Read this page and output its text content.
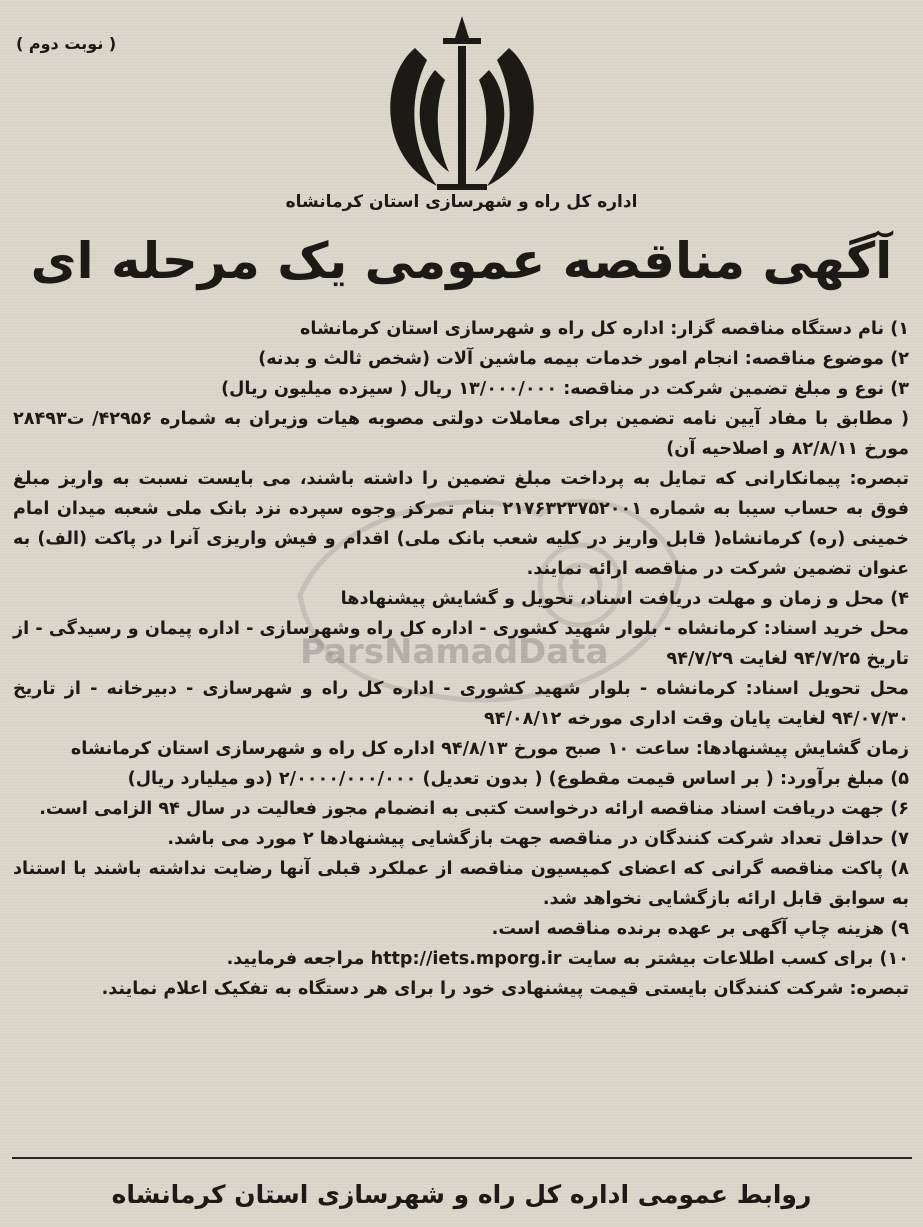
( نوبت دوم )
اداره کل راه و شهرسازی استان کرمانشاه
آگهی مناقصه عمومی یک مرحله ای
ParsNamadData

۱) نام دستگاه مناقصه گزار: اداره کل راه و شهرسازی استان کرمانشاه

۲) موضوع مناقصه: انجام امور خدمات بیمه ماشین آلات (شخص ثالث و بدنه)

۳) نوع و مبلغ تضمین شرکت در مناقصه: ۱۳/۰۰۰/۰۰۰ ریال ( سیزده میلیون ریال)

( مطابق با مفاد آیین نامه تضمین برای معاملات دولتی مصوبه هیات وزیران به شماره ۴۲۹۵۶/ ت۲۸۴۹۳ مورخ ۸۲/۸/۱۱ و اصلاحیه آن)

تبصره: پیمانکارانی که تمایل به پرداخت مبلغ تضمین را داشته باشند، می بایست نسبت به واریز مبلغ فوق به حساب سیبا به شماره ۲۱۷۶۳۲۳۷۵۲۰۰۱ بنام تمرکز وجوه سپرده نزد بانک ملی شعبه میدان امام خمینی (ره) کرمانشاه( قابل واریز در کلیه شعب بانک ملی) اقدام و فیش واریزی آنرا در پاکت (الف) به عنوان تضمین شرکت در مناقصه ارائه نمایند.

۴) محل و زمان و مهلت دریافت اسناد، تحویل و گشایش پیشنهادها

محل خرید اسناد: کرمانشاه - بلوار شهید کشوری - اداره کل راه وشهرسازی - اداره پیمان و رسیدگی - از تاریخ ۹۴/۷/۲۵ لغایت ۹۴/۷/۲۹

محل تحویل اسناد: کرمانشاه - بلوار شهید کشوری - اداره کل راه و شهرسازی - دبیرخانه - از تاریخ ۹۴/۰۷/۳۰ لغایت پایان وقت اداری مورخه ۹۴/۰۸/۱۲

زمان گشایش پیشنهادها: ساعت ۱۰ صبح مورخ ۹۴/۸/۱۳ اداره کل راه و شهرسازی استان کرمانشاه

۵) مبلغ برآورد: ( بر اساس قیمت مقطوع) ( بدون تعدیل) ۲/۰۰۰۰/۰۰۰/۰۰۰ (دو میلیارد ریال)

۶) جهت دریافت اسناد مناقصه ارائه درخواست کتبی به انضمام مجوز فعالیت در سال ۹۴ الزامی است.

۷) حداقل تعداد شرکت کنندگان در مناقصه جهت بازگشایی پیشنهادها ۲ مورد می باشد.

۸) پاکت مناقصه گرانی که اعضای کمیسیون مناقصه از عملکرد قبلی آنها رضایت نداشته باشند با استناد به سوابق قابل ارائه بازگشایی نخواهد شد.

۹) هزینه چاپ آگهی بر عهده برنده مناقصه است.

۱۰) برای کسب اطلاعات بیشتر به سایت http://iets.mporg.ir مراجعه فرمایید.

تبصره: شرکت کنندگان بایستی قیمت پیشنهادی خود را برای هر دستگاه به تفکیک اعلام نمایند.

روابط عمومی اداره کل راه و شهرسازی استان کرمانشاه
